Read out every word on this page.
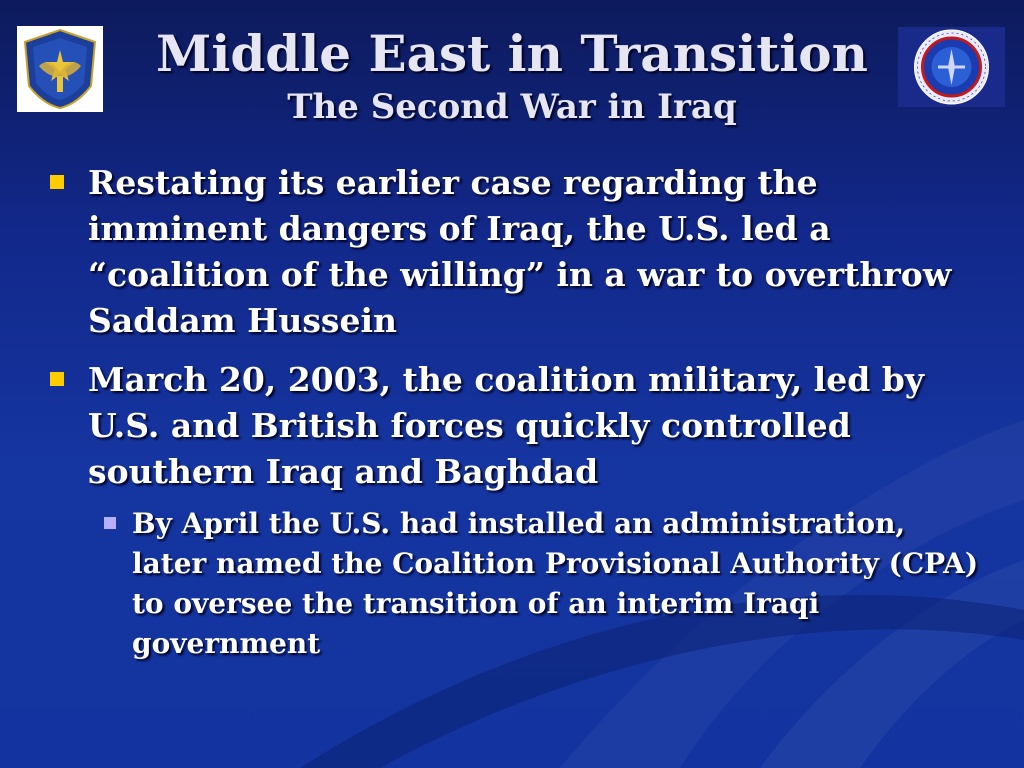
Middle East in Transition
The Second War in Iraq
Restating its earlier case regarding the imminent dangers of Iraq, the U.S. led a “coalition of the willing” in a war to overthrow Saddam Hussein
March 20, 2003, the coalition military, led by U.S. and British forces quickly controlled southern Iraq and Baghdad
By April the U.S. had installed an administration, later named the Coalition Provisional Authority (CPA) to oversee the transition of an interim Iraqi government
